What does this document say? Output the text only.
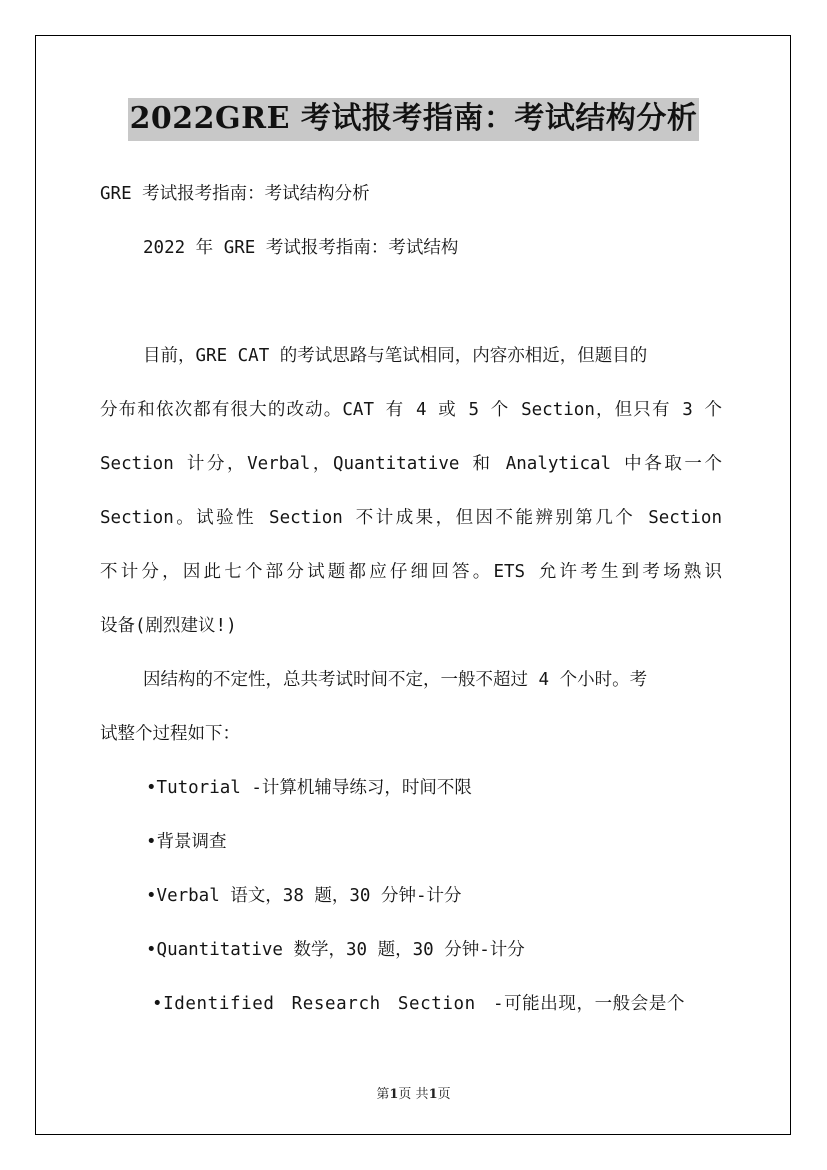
2022GRE 考试报考指南：考试结构分析

GRE 考试报考指南：考试结构分析

2022 年 GRE 考试报考指南：考试结构

目前，GRE CAT 的考试思路与笔试相同，内容亦相近，但题目的

分布和依次都有很大的改动。CAT 有 4 或 5 个 Section，但只有 3 个

Section 计分，Verbal，Quantitative 和 Analytical 中各取一个

Section。试验性 Section 不计成果，但因不能辨别第几个 Section

不计分，因此七个部分试题都应仔细回答。ETS 允许考生到考场熟识

设备(剧烈建议!)

因结构的不定性，总共考试时间不定，一般不超过 4 个小时。考

试整个过程如下：

•Tutorial -计算机辅导练习，时间不限

•背景调查

•Verbal 语文，38 题，30 分钟-计分

•Quantitative 数学，30 题，30 分钟-计分

•Identified Research Section -可能出现，一般会是个

第1页 共1页
